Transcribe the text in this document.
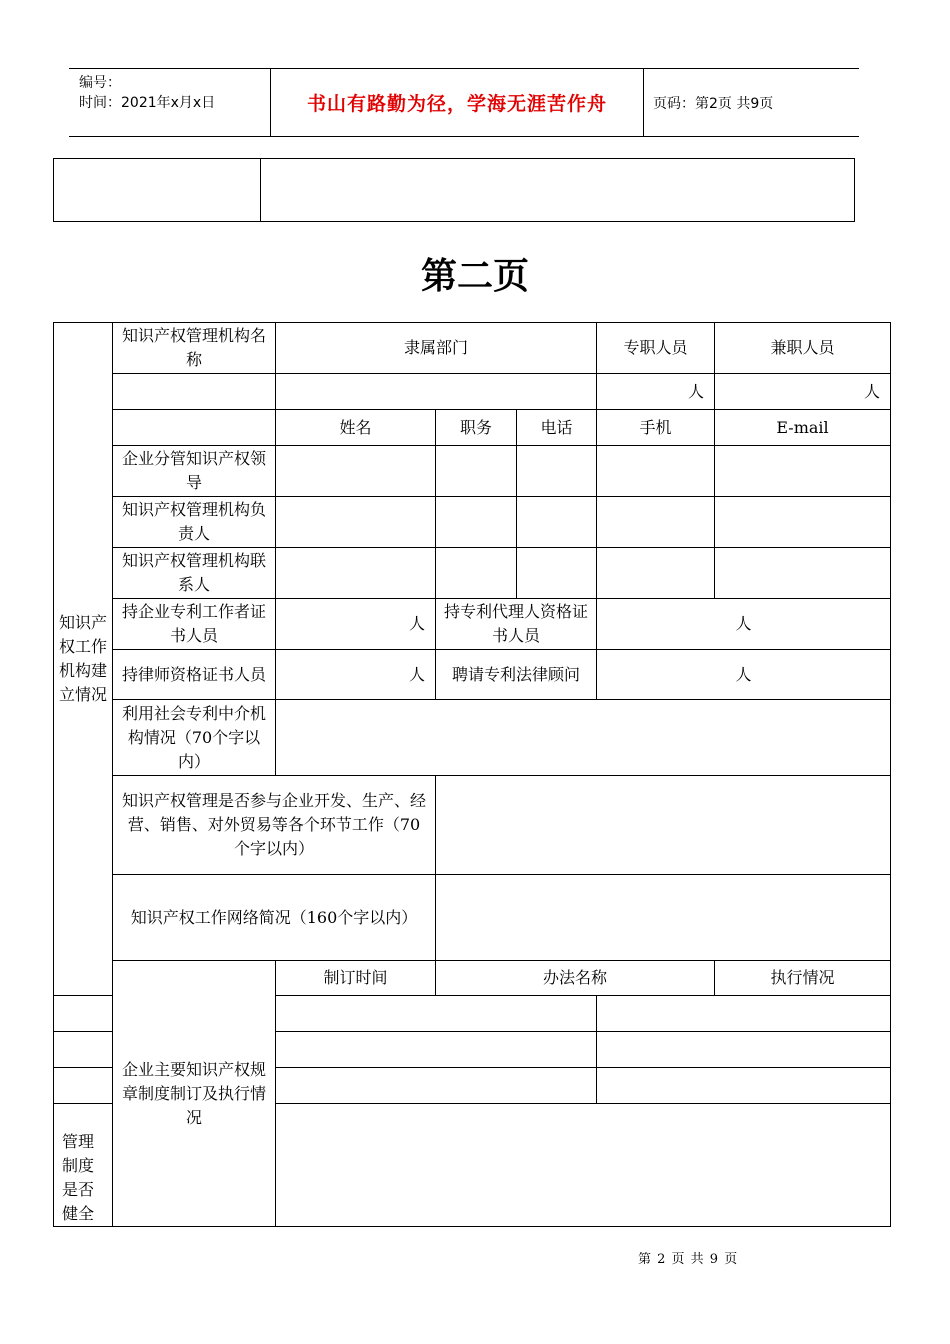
编号：
时间：2021年x月x日	书山有路勤为径，学海无涯苦作舟	页码：第2页 共9页
第二页
知识产权工作机构建立情况	知识产权管理机构名称	隶属部门			专职人员	兼职人员
					人	人
		姓名	职务	电话	手机	E-mail
	企业分管知识产权领导					
	知识产权管理机构负责人					
	知识产权管理机构联系人					
	持企业专利工作者证书人员	人	持专利代理人资格证书人员		人	
	持律师资格证书人员	人	聘请专利法律顾问		人	
	利用社会专利中介机构情况（70个字以内）					
	知识产权管理是否参与企业开发、生产、经营、销售、对外贸易等各个环节工作（70个字以内）					
	知识产权工作网络简况（160个字以内）					
	企业主要知识产权规章制度制订及执行情况	制订时间	办法名称			执行情况

管理制度是否健全						
第 2 页 共 9 页
